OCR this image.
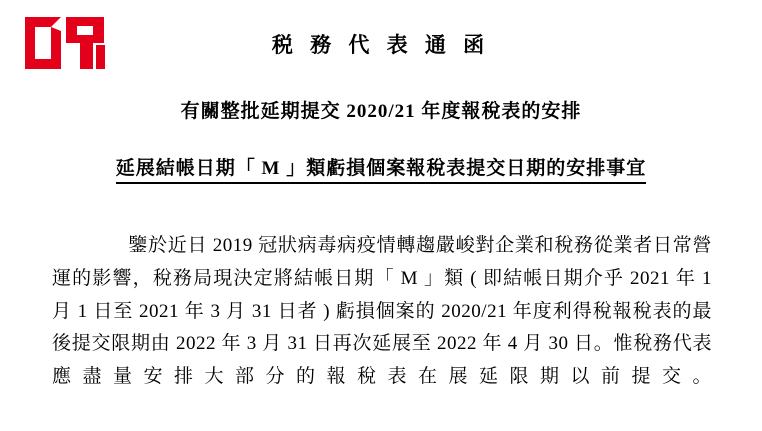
税 務 代 表 通 函
有關整批延期提交 2020/21 年度報稅表的安排
延展結帳日期「 M 」類虧損個案報稅表提交日期的安排事宜
鑒於近日 2019 冠狀病毒病疫情轉趨嚴峻對企業和稅務從業者日常營運的影響，稅務局現決定將結帳日期「 M 」類 ( 即結帳日期介乎 2021 年 1 月 1 日至 2021 年 3 月 31 日者 ) 虧損個案的 2020/21 年度利得稅報稅表的最後提交限期由 2022 年 3 月 31 日再次延展至 2022 年 4 月 30 日。惟稅務代表應盡量安排大部分的報稅表在展延限期以前提交。
